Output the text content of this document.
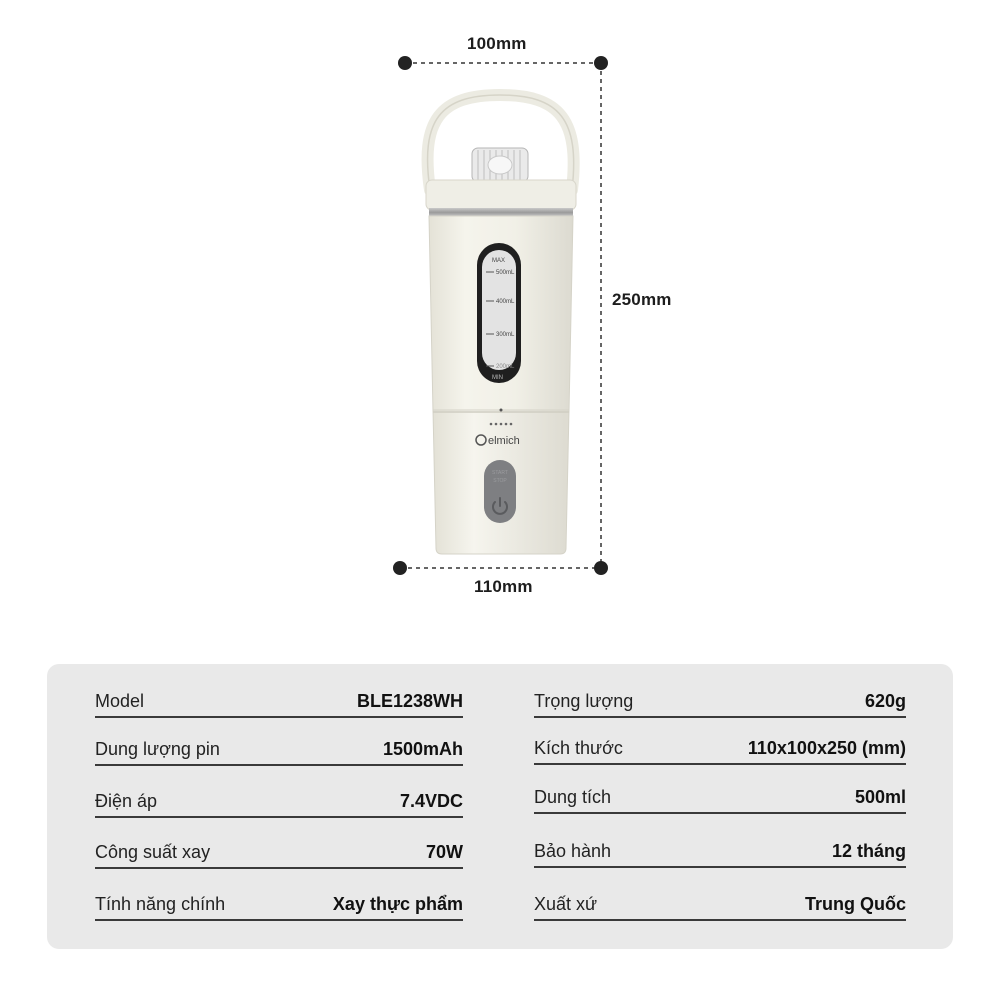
100mm
250mm
110mm
MAX
500mL
400mL
300mL
200mL
MIN
elmich
START
STOP
Model	BLE1238WH
Dung lượng pin	1500mAh
Điện áp	7.4VDC
Công suất xay	70W
Tính năng chính	Xay thực phẩm
Trọng lượng	620g
Kích thước	110x100x250 (mm)
Dung tích	500ml
Bảo hành	12 tháng
Xuất xứ	Trung Quốc
